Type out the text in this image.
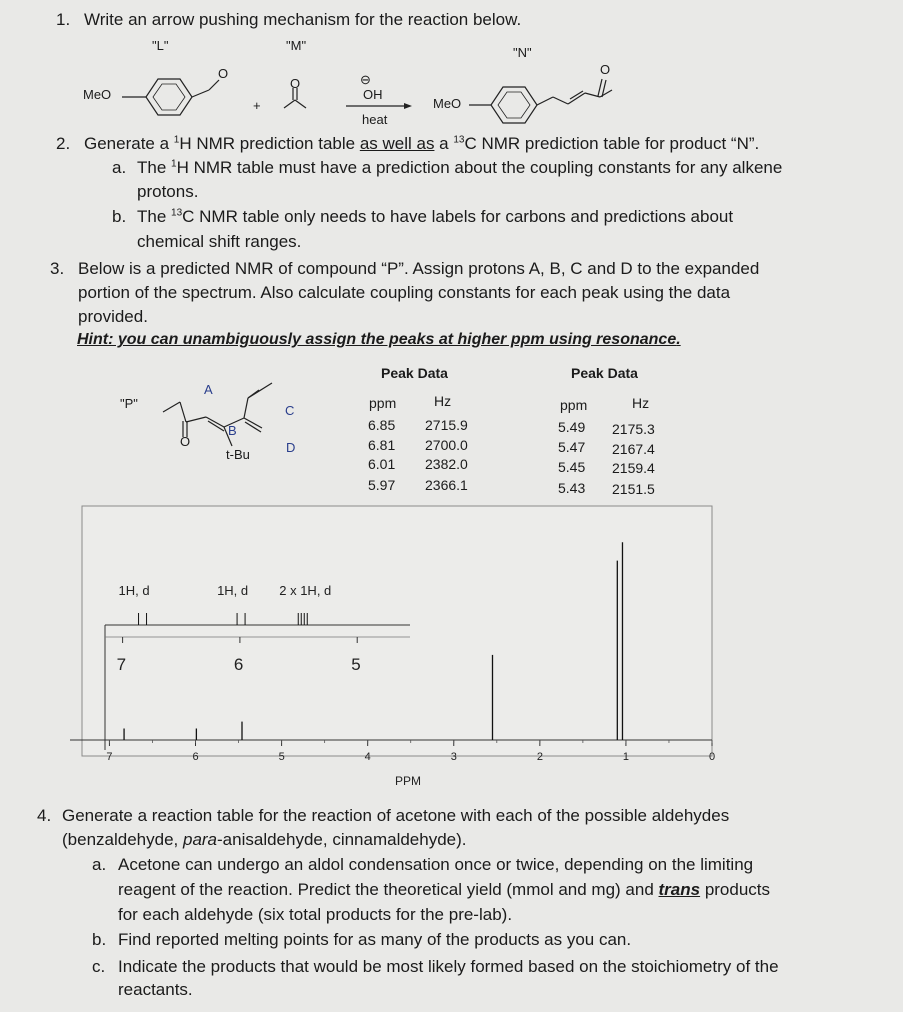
1. Write an arrow pushing mechanism for the reaction below.
"L"	"M"	"N"
MeO
O
+
O	⊖
OH
heat
MeO
O
2. Generate a $^1$H NMR prediction table as well as a $^{13}$C NMR prediction table for product “N”.
a. The $^1$H NMR table must have a prediction about the coupling constants for any alkene
protons.
b. The $^{13}$C NMR table only needs to have labels for carbons and predictions about
chemical shift ranges.
3. Below is a predicted NMR of compound “P”. Assign protons A, B, C and D to the expanded
portion of the spectrum. Also calculate coupling constants for each peak using the data
provided.
Hint: you can unambiguously assign the peaks at higher ppm using resonance.
"P"
A
B
C
D
O
t-Bu
Peak Data
ppm	Hz
6.85 2715.9
6.81 2700.0
6.01 2382.0
5.97 2366.1
Peak Data
ppm	Hz
5.49 2175.3
5.47 2167.4
5.45 2159.4
5.43 2151.5
7	6	5	4	3	2	1	0
7	6	5
1H, d	1H, d 2 x 1H, d
PPM
4. Generate a reaction table for the reaction of acetone with each of the possible aldehydes
(benzaldehyde, para-anisaldehyde, cinnamaldehyde).
a. Acetone can undergo an aldol condensation once or twice, depending on the limiting
reagent of the reaction. Predict the theoretical yield (mmol and mg) and trans products
for each aldehyde (six total products for the pre-lab).
b. Find reported melting points for as many of the products as you can.
c. Indicate the products that would be most likely formed based on the stoichiometry of the
reactants.
